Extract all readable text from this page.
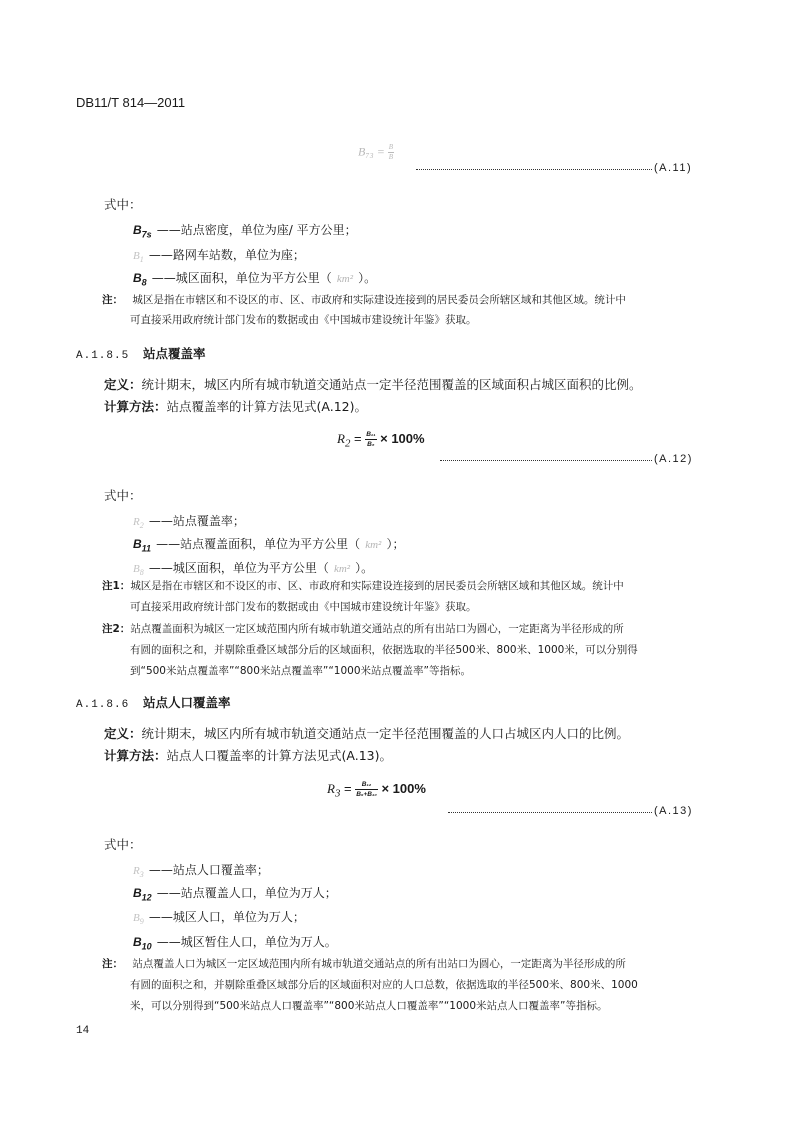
DB11/T 814—2011
$B_{73} = \frac{B}{B}$
(A.11)
式中：
$B_{7s}$ ——站点密度，单位为座/ 平方公里；
$B_1$ ——路网车站数，单位为座；
$B_8$ ——城区面积，单位为平方公里（ km² ）。
注： 城区是指在市辖区和不设区的市、区、市政府和实际建设连接到的居民委员会所辖区域和其他区域。统计中
可直接采用政府统计部门发布的数据或由《中国城市建设统计年鉴》获取。
A.1.8.5 站点覆盖率
定义：统计期末，城区内所有城市轨道交通站点一定半径范围覆盖的区域面积占城区面积的比例。
计算方法：站点覆盖率的计算方法见式(A.12)。
$R_2 = \frac{\text{B₁₁}}{\text{B₈}} \times 100\%$
(A.12)
式中：
$R_2$ ——站点覆盖率；
$B_{11}$ ——站点覆盖面积，单位为平方公里（ km² ）；
$B_8$ ——城区面积，单位为平方公里（ km² ）。
注1：城区是指在市辖区和不设区的市、区、市政府和实际建设连接到的居民委员会所辖区域和其他区域。统计中
可直接采用政府统计部门发布的数据或由《中国城市建设统计年鉴》获取。
注2：站点覆盖面积为城区一定区域范围内所有城市轨道交通站点的所有出站口为圆心，一定距离为半径形成的所
有圆的面积之和，并剔除重叠区域部分后的区域面积，依据选取的半径500米、800米、1000米，可以分别得
到“500米站点覆盖率”“800米站点覆盖率”“1000米站点覆盖率”等指标。
A.1.8.6 站点人口覆盖率
定义：统计期末，城区内所有城市轨道交通站点一定半径范围覆盖的人口占城区内人口的比例。
计算方法：站点人口覆盖率的计算方法见式(A.13)。
$R_3 = \frac{\text{B₁₂}}{\text{B₉+B₁₀}} \times 100\%$
(A.13)
式中：
$R_3$ ——站点人口覆盖率；
$B_{12}$ ——站点覆盖人口，单位为万人；
$B_9$ ——城区人口，单位为万人；
$B_{10}$ ——城区暂住人口，单位为万人。
注： 站点覆盖人口为城区一定区域范围内所有城市轨道交通站点的所有出站口为圆心，一定距离为半径形成的所
有圆的面积之和，并剔除重叠区域部分后的区域面积对应的人口总数，依据选取的半径500米、800米、1000
米，可以分别得到“500米站点人口覆盖率”“800米站点人口覆盖率”“1000米站点人口覆盖率”等指标。
14
